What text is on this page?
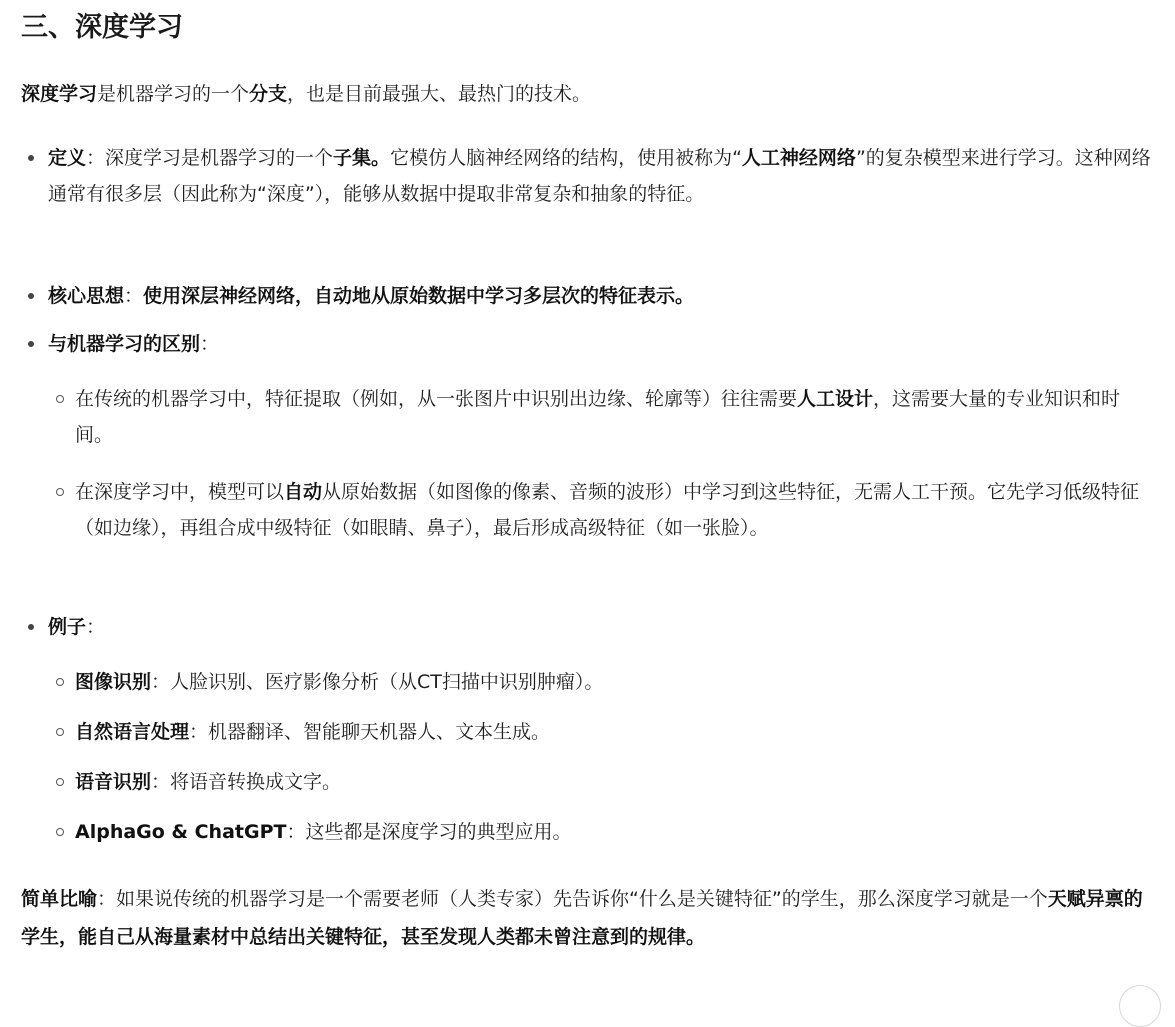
三、深度学习

深度学习是机器学习的一个分支，也是目前最强大、最热门的技术。

定义：深度学习是机器学习的一个子集。它模仿人脑神经网络的结构，使用被称为“人工神经网络”的复杂模型来进行学习。这种网络通常有很多层（因此称为“深度”），能够从数据中提取非常复杂和抽象的特征。
核心思想：使用深层神经网络，自动地从原始数据中学习多层次的特征表示。
与机器学习的区别：
在传统的机器学习中，特征提取（例如，从一张图片中识别出边缘、轮廓等）往往需要人工设计，这需要大量的专业知识和时间。
在深度学习中，模型可以自动从原始数据（如图像的像素、音频的波形）中学习到这些特征，无需人工干预。它先学习低级特征（如边缘），再组合成中级特征（如眼睛、鼻子），最后形成高级特征（如一张脸）。
例子：
图像识别：人脸识别、医疗影像分析（从CT扫描中识别肿瘤）。
自然语言处理：机器翻译、智能聊天机器人、文本生成。
语音识别：将语音转换成文字。
AlphaGo & ChatGPT：这些都是深度学习的典型应用。

简单比喻：如果说传统的机器学习是一个需要老师（人类专家）先告诉你“什么是关键特征”的学生，那么深度学习就是一个天赋异禀的学生，能自己从海量素材中总结出关键特征，甚至发现人类都未曾注意到的规律。
